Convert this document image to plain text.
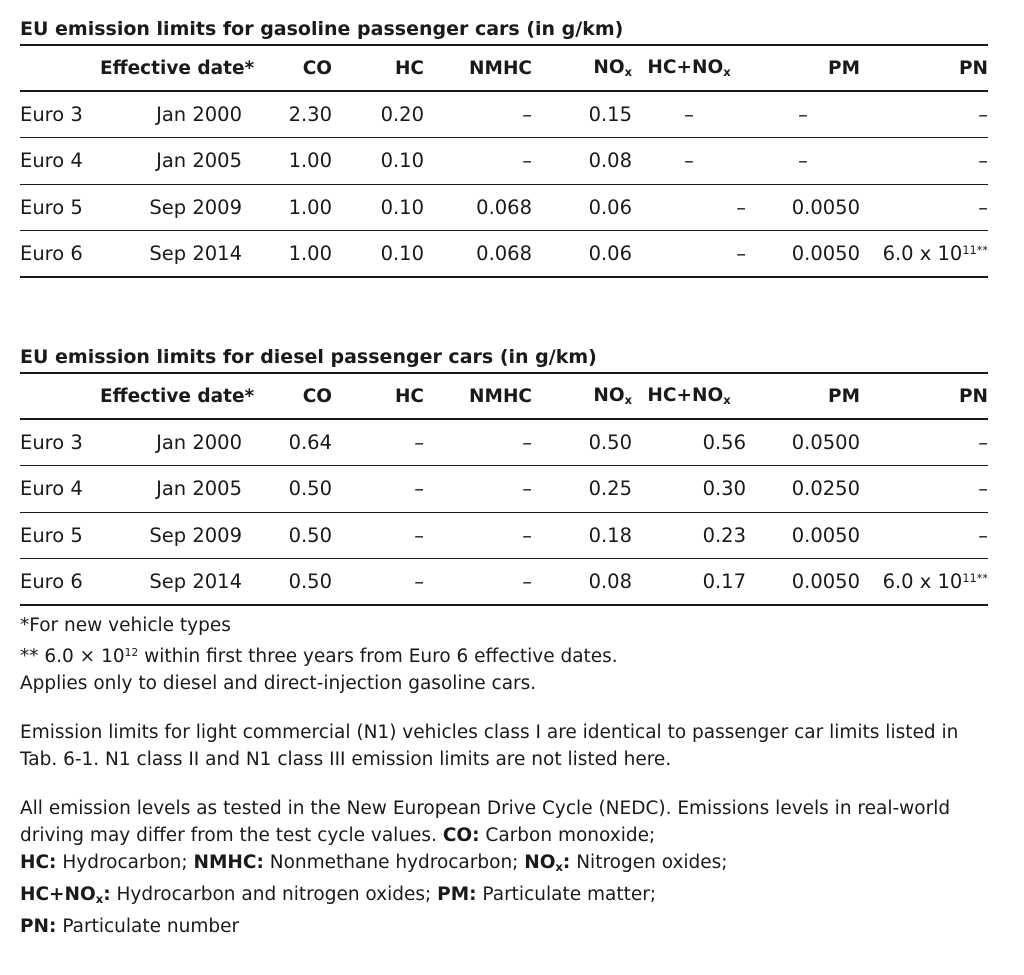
EU emission limits for gasoline passenger cars (in g/km)
	Effective date*	CO	HC	NMHC	$NO_x$	$HC+NO_x$	PM	PN
Euro 3	Jan 2000	2.30	0.20	–	0.15	–	–	–
Euro 4	Jan 2005	1.00	0.10	–	0.08	–	–	–
Euro 5	Sep 2009	1.00	0.10	0.068	0.06	–	0.0050	–
Euro 6	Sep 2014	1.00	0.10	0.068	0.06	–	0.0050	6.0 x $10^{11**}$
EU emission limits for diesel passenger cars (in g/km)
	Effective date*	CO	HC	NMHC	$NO_x$	$HC+NO_x$	PM	PN
Euro 3	Jan 2000	0.64	–	–	0.50	0.56	0.0500	–
Euro 4	Jan 2005	0.50	–	–	0.25	0.30	0.0250	–
Euro 5	Sep 2009	0.50	–	–	0.18	0.23	0.0050	–
Euro 6	Sep 2014	0.50	–	–	0.08	0.17	0.0050	6.0 x $10^{11**}$

*For new vehicle types

** $6.0 \times 10^{12}$ within first three years from Euro 6 effective dates.

Applies only to diesel and direct-injection gasoline cars.

Emission limits for light commercial (N1) vehicles class I are identical to passenger car limits listed in Tab. 6-1. N1 class II and N1 class III emission limits are not listed here.

All emission levels as tested in the New European Drive Cycle (NEDC). Emissions levels in real-world driving may differ from the test cycle values. CO: Carbon monoxide;
HC: Hydrocarbon; NMHC: Nonmethane hydrocarbon; $NO_x$: Nitrogen oxides;
$HC+NO_x$: Hydrocarbon and nitrogen oxides; PM: Particulate matter;
PN: Particulate number
